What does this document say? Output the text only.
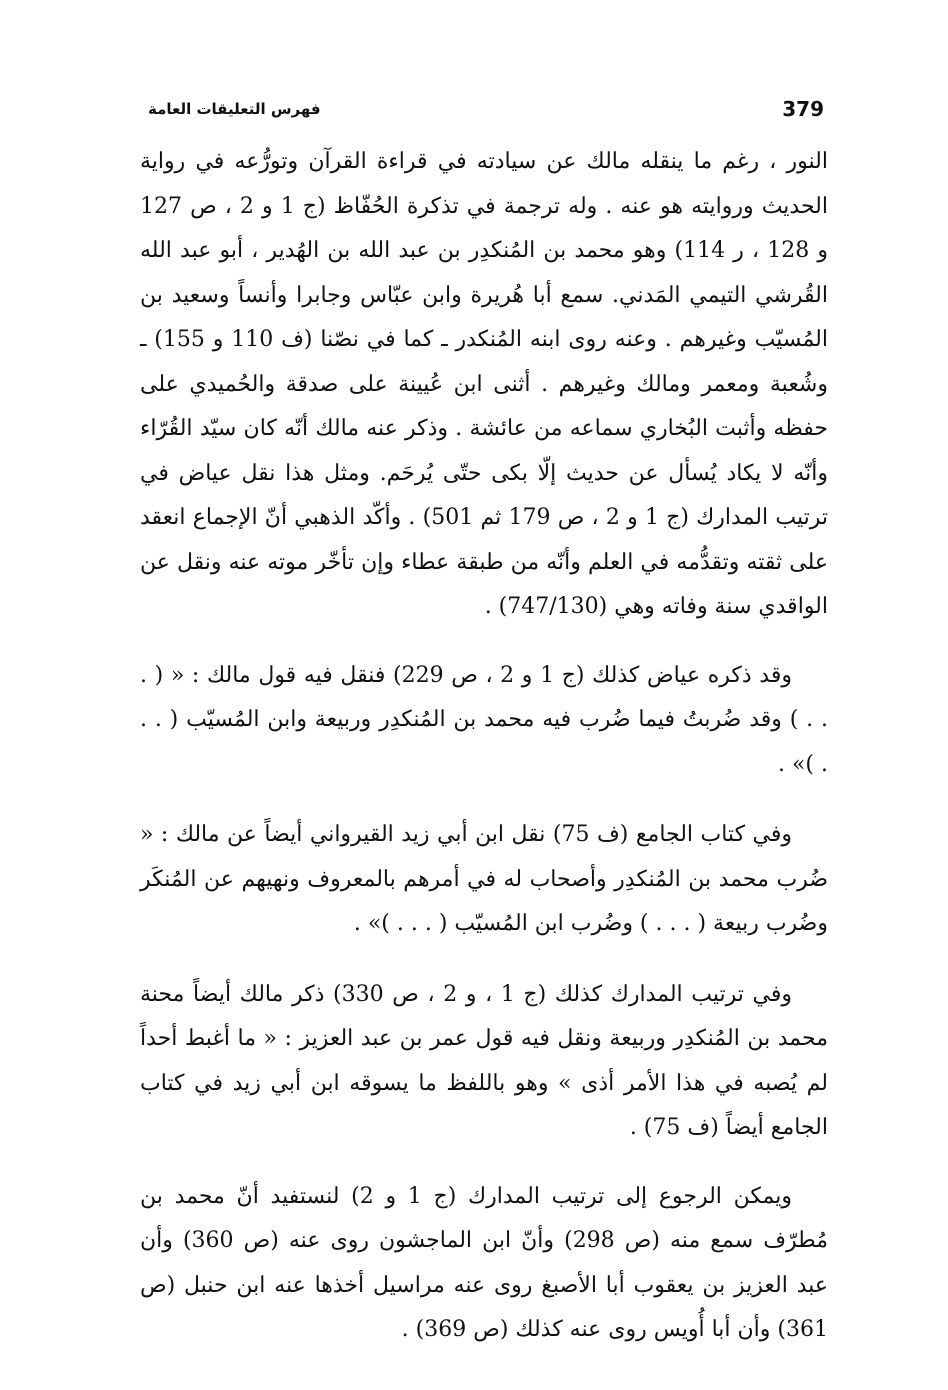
379
فهرس التعليقات العامة

النور ، رغم ما ينقله مالك عن سيادته في قراءة القرآن وتورُّعه في رواية الحديث وروايته هو عنه . وله ترجمة في تذكرة الحُفّاظ (ج 1 و 2 ، ص 127 و 128 ، ر 114) وهو محمد بن المُنكدِر بن عبد الله بن الهُدير ، أبو عبد الله القُرشي التيمي المَدني. سمع أبا هُريرة وابن عبّاس وجابرا وأنساً وسعيد بن المُسيّب وغيرهم . وعنه روى ابنه المُنكدر ـ كما في نصّنا (ف 110 و 155) ـ وشُعبة ومعمر ومالك وغيرهم . أثنى ابن عُيينة على صدقة والحُميدي على حفظه وأثبت البُخاري سماعه من عائشة . وذكر عنه مالك أنّه كان سيّد القُرّاء وأنّه لا يكاد يُسأل عن حديث إلّا بكى حتّى يُرحَم. ومثل هذا نقل عياض في ترتيب المدارك (ج 1 و 2 ، ص 179 ثم 501) . وأكّد الذهبي أنّ الإجماع انعقد على ثقته وتقدُّمه في العلم وأنّه من طبقة عطاء وإن تأخّر موته عنه ونقل عن الواقدي سنة وفاته وهي (747/130) .

وقد ذكره عياض كذلك (ج 1 و 2 ، ص 229) فنقل فيه قول مالك : « ( . . . ) وقد ضُربتُ فيما ضُرب فيه محمد بن المُنكدِر وربيعة وابن المُسيّب ( . . . )» .

وفي كتاب الجامع (ف 75) نقل ابن أبي زيد القيرواني أيضاً عن مالك : « ضُرب محمد بن المُنكدِر وأصحاب له في أمرهم بالمعروف ونهيهم عن المُنكَر وضُرب ربيعة ( . . . ) وضُرب ابن المُسيّب ( . . . )» .

وفي ترتيب المدارك كذلك (ج 1 ، و 2 ، ص 330) ذكر مالك أيضاً محنة محمد بن المُنكدِر وربيعة ونقل فيه قول عمر بن عبد العزيز : « ما أغبط أحداً لم يُصبه في هذا الأمر أذى » وهو باللفظ ما يسوقه ابن أبي زيد في كتاب الجامع أيضاً (ف 75) .

ويمكن الرجوع إلى ترتيب المدارك (ج 1 و 2) لنستفيد أنّ محمد بن مُطرّف سمع منه (ص 298) وأنّ ابن الماجشون روى عنه (ص 360) وأن عبد العزيز بن يعقوب أبا الأصبغ روى عنه مراسيل أخذها عنه ابن حنبل (ص 361) وأن أبا أُويس روى عنه كذلك (ص 369) .
